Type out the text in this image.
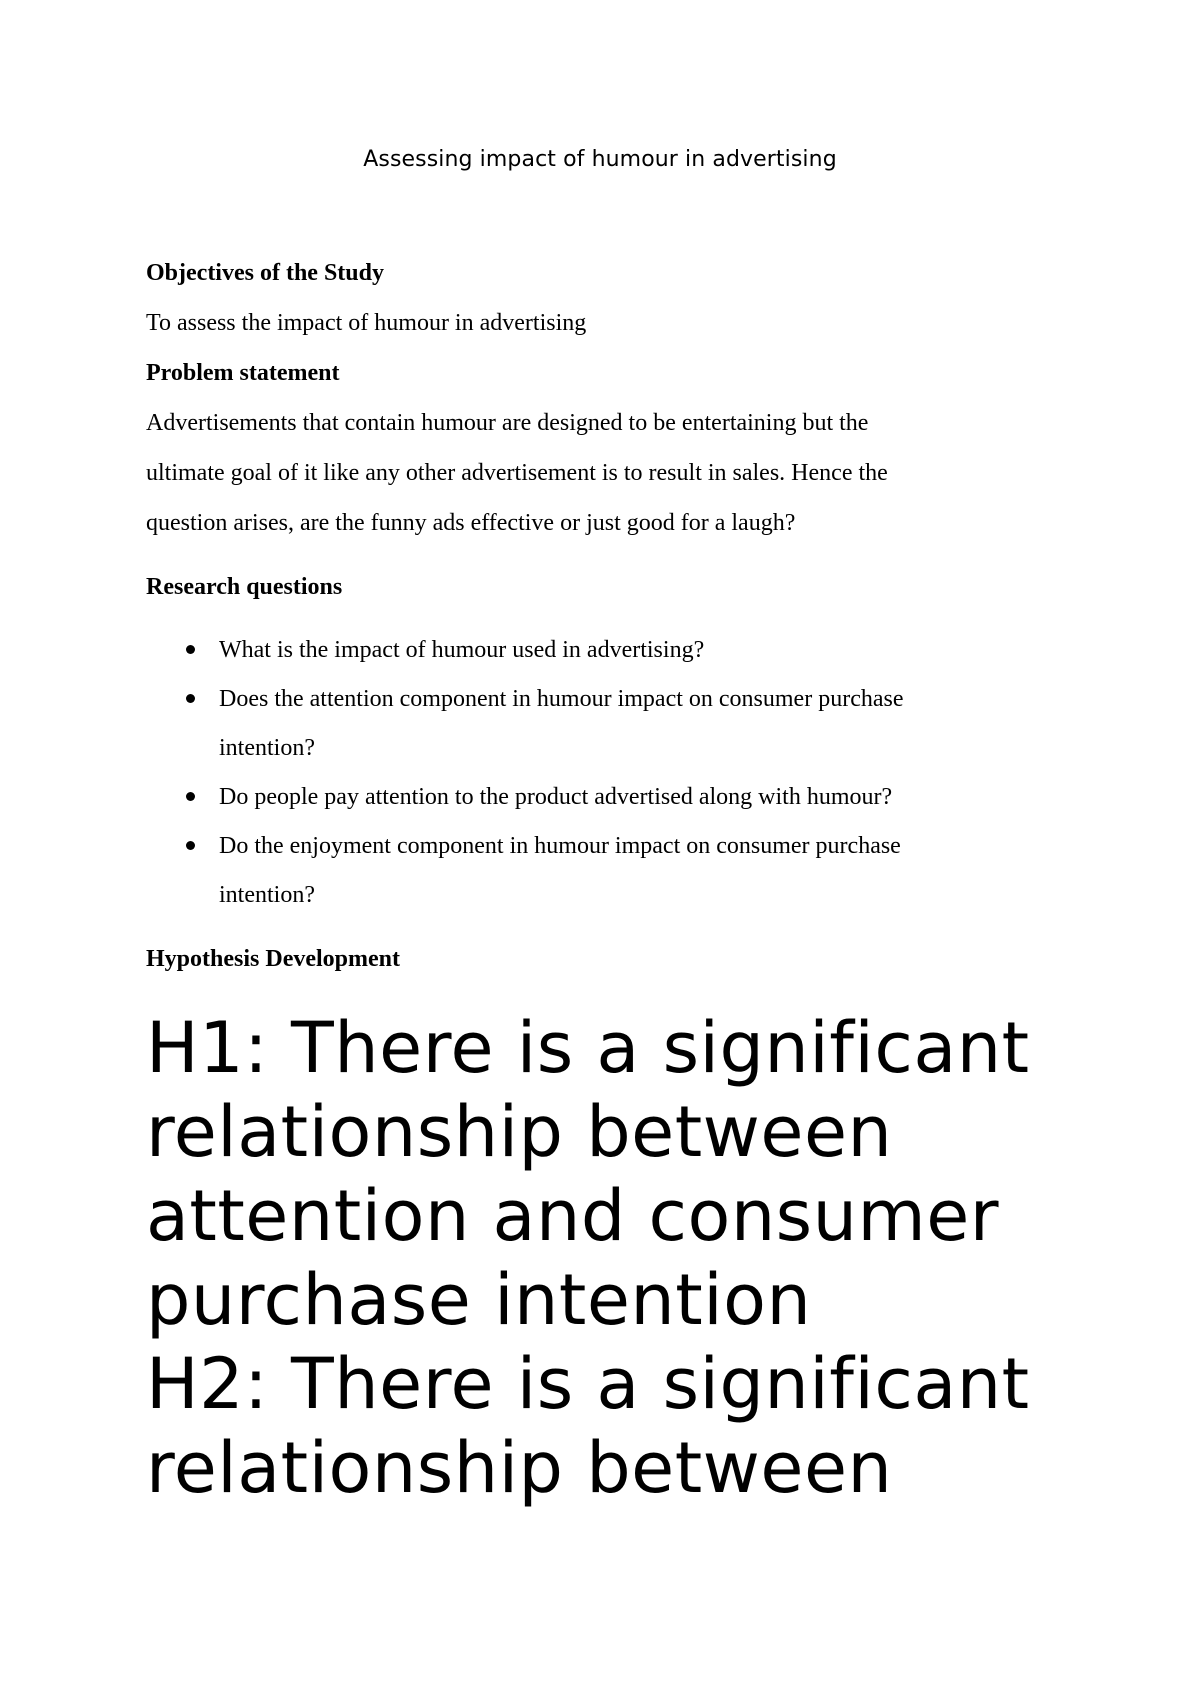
Assessing impact of humour in advertising

Objectives of the Study

To assess the impact of humour in advertising

Problem statement

Advertisements that contain humour are designed to be entertaining but the

ultimate goal of it like any other advertisement is to result in sales. Hence the

question arises, are the funny ads effective or just good for a laugh?

Research questions

What is the impact of humour used in advertising?
Does the attention component in humour impact on consumer purchase
intention?
Do people pay attention to the product advertised along with humour?
Do the enjoyment component in humour impact on consumer purchase
intention?

Hypothesis Development

H1: There is a significant
relationship between
attention and consumer
purchase intention
H2: There is a significant
relationship between
